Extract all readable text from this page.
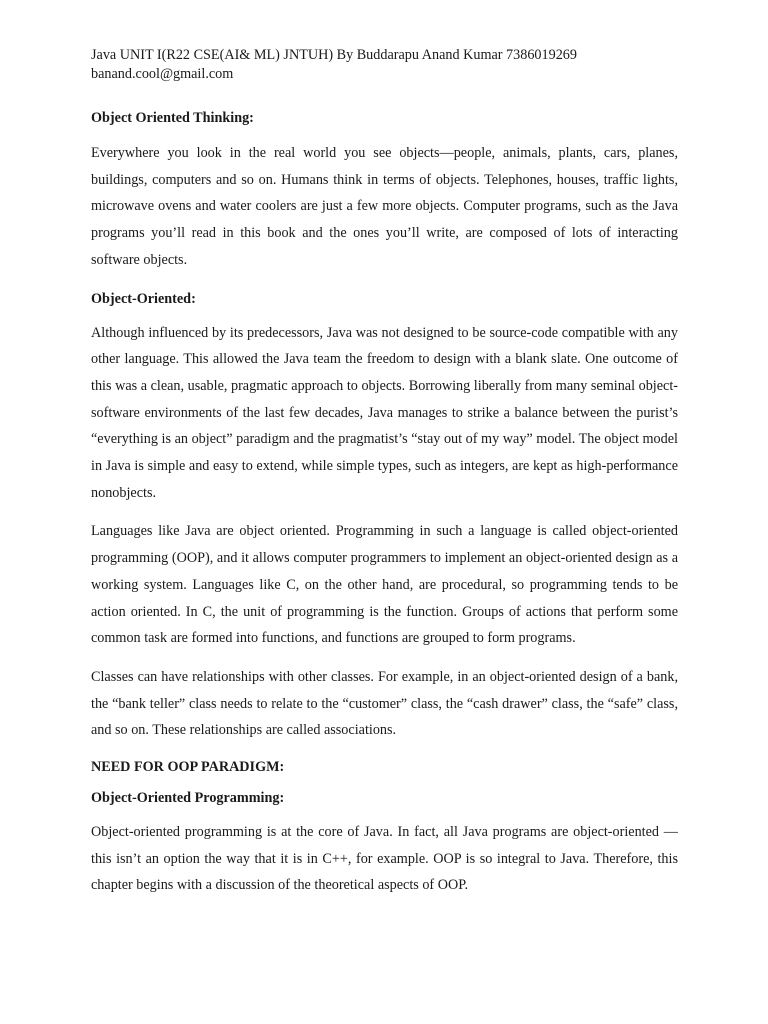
Java UNIT I(R22 CSE(AI& ML) JNTUH) By Buddarapu Anand Kumar 7386019269
banand.cool@gmail.com

Object Oriented Thinking:

Everywhere you look in the real world you see objects—people, animals, plants, cars, planes, buildings, computers and so on. Humans think in terms of objects. Telephones, houses, traffic lights, microwave ovens and water coolers are just a few more objects. Computer programs, such as the Java programs you’ll read in this book and the ones you’ll write, are composed of lots of interacting software objects.

Object-Oriented:

Although influenced by its predecessors, Java was not designed to be source-code compatible with any other language. This allowed the Java team the freedom to design with a blank slate. One outcome of this was a clean, usable, pragmatic approach to objects. Borrowing liberally from many seminal object-software environments of the last few decades, Java manages to strike a balance between the purist’s “everything is an object” paradigm and the pragmatist’s “stay out of my way” model. The object model in Java is simple and easy to extend, while simple types, such as integers, are kept as high-performance nonobjects.

Languages like Java are object oriented. Programming in such a language is called object-oriented programming (OOP), and it allows computer programmers to implement an object-oriented design as a working system. Languages like C, on the other hand, are procedural, so programming tends to be action oriented. In C, the unit of programming is the function. Groups of actions that perform some common task are formed into functions, and functions are grouped to form programs.

Classes can have relationships with other classes. For example, in an object-oriented design of a bank, the “bank teller” class needs to relate to the “customer” class, the “cash drawer” class, the “safe” class, and so on. These relationships are called associations.

NEED FOR OOP PARADIGM:

Object-Oriented Programming:

Object-oriented programming is at the core of Java. In fact, all Java programs are object-oriented —this isn’t an option the way that it is in C++, for example. OOP is so integral to Java. Therefore, this chapter begins with a discussion of the theoretical aspects of OOP.
